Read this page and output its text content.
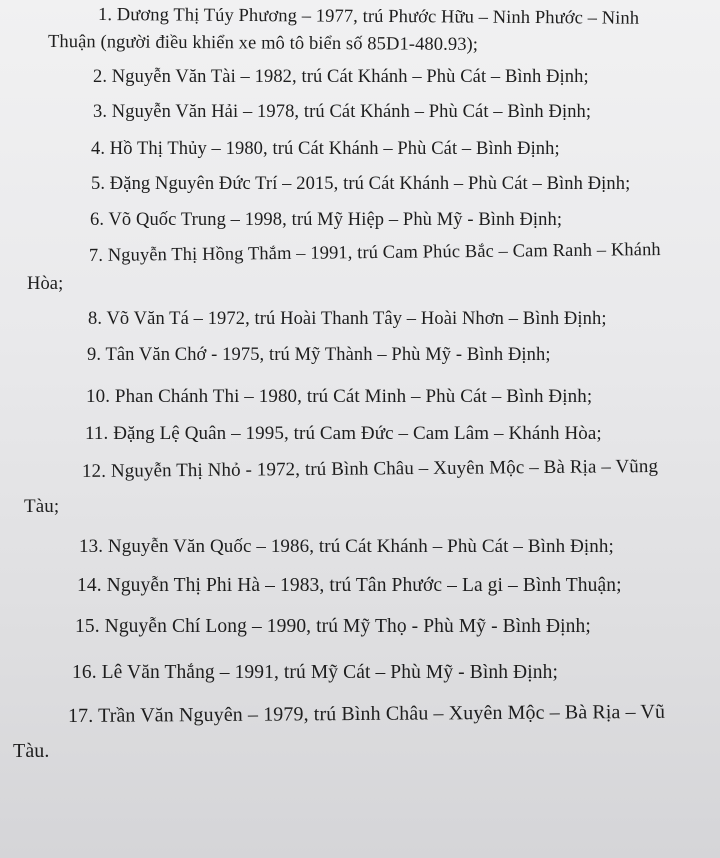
1. Dương Thị Túy Phương – 1977, trú Phước Hữu – Ninh Phước – Ninh
Thuận (người điều khiển xe mô tô biển số 85D1-480.93);
2. Nguyễn Văn Tài – 1982, trú Cát Khánh – Phù Cát – Bình Định;
3. Nguyễn Văn Hải – 1978, trú Cát Khánh – Phù Cát – Bình Định;
4. Hồ Thị Thủy – 1980, trú Cát Khánh – Phù Cát – Bình Định;
5. Đặng Nguyên Đức Trí – 2015, trú Cát Khánh – Phù Cát – Bình Định;
6. Võ Quốc Trung – 1998, trú Mỹ Hiệp – Phù Mỹ - Bình Định;
7. Nguyễn Thị Hồng Thắm – 1991, trú Cam Phúc Bắc – Cam Ranh – Khánh
Hòa;
8. Võ Văn Tá – 1972, trú Hoài Thanh Tây – Hoài Nhơn – Bình Định;
9. Tân Văn Chớ - 1975, trú Mỹ Thành – Phù Mỹ - Bình Định;
10. Phan Chánh Thi – 1980, trú Cát Minh – Phù Cát – Bình Định;
11. Đặng Lệ Quân – 1995, trú Cam Đức – Cam Lâm – Khánh Hòa;
12. Nguyễn Thị Nhỏ - 1972, trú Bình Châu – Xuyên Mộc – Bà Rịa – Vũng
Tàu;
13. Nguyễn Văn Quốc – 1986, trú Cát Khánh – Phù Cát – Bình Định;
14. Nguyễn Thị Phi Hà – 1983, trú Tân Phước – La gi – Bình Thuận;
15. Nguyễn Chí Long – 1990, trú Mỹ Thọ - Phù Mỹ - Bình Định;
16. Lê Văn Thắng – 1991, trú Mỹ Cát – Phù Mỹ - Bình Định;
17. Trần Văn Nguyên – 1979, trú Bình Châu – Xuyên Mộc – Bà Rịa – Vũ
Tàu.
